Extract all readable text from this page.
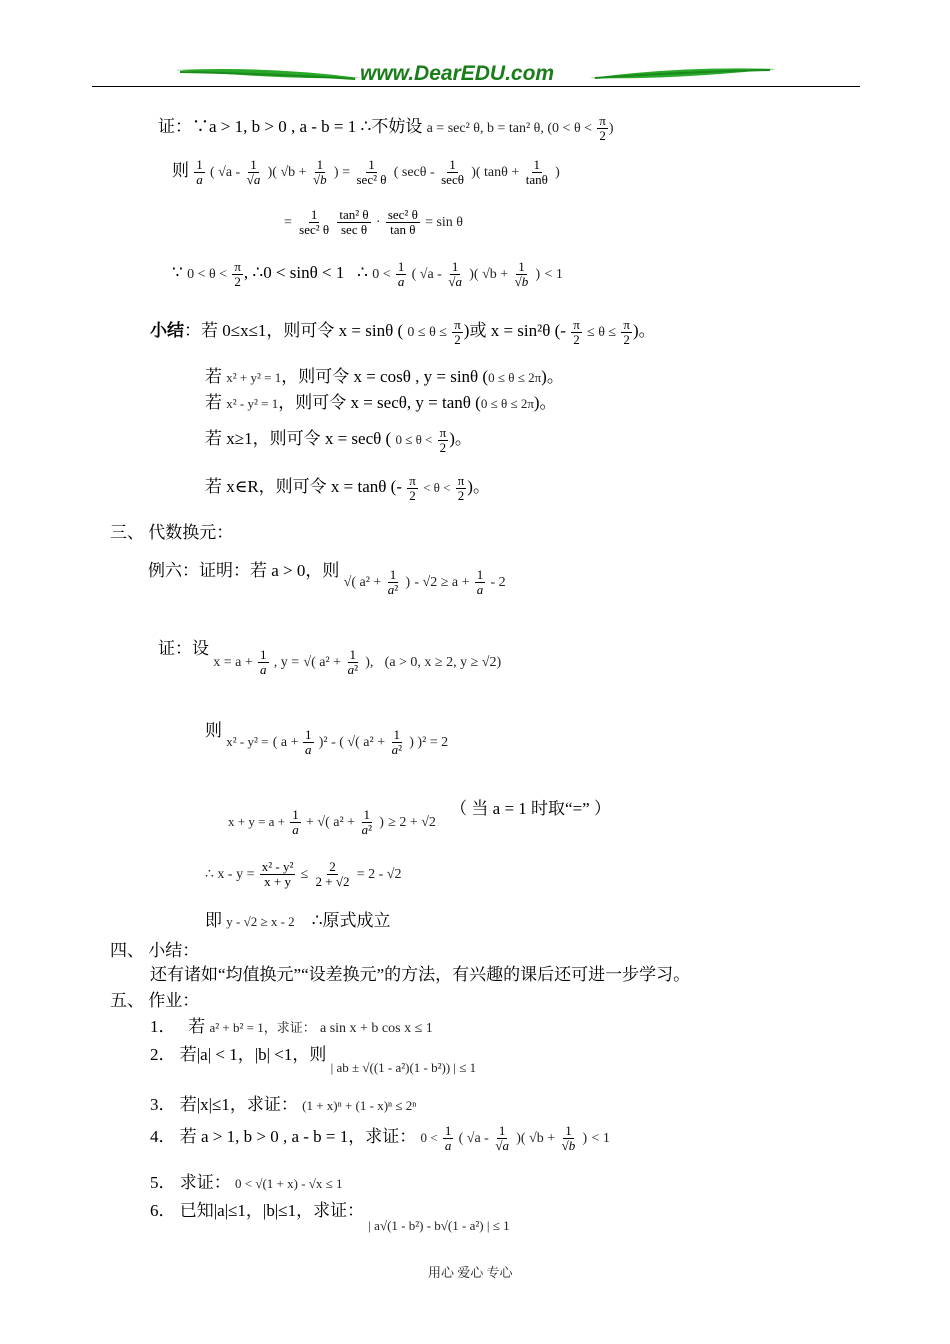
www.DearEDU.com
证：∵a > 1, b > 0 , a - b = 1 ∴不妨设 a = sec² θ, b = tan² θ, ($0 < \theta < \frac{\pi}{2}$ )
则 $\frac{1}{a}$ ( $√a - \frac{1}{√a}$ )( $√b + \frac{1}{√b}$ ) = $\frac{1}{\text{sec² θ}}$ ( secθ - $\frac{1}{\sec\theta}$ )( $\tan\theta + \frac{1}{\tan\theta}$ )
= $\frac{1}{\text{sec² θ}}$
$\frac{\text{tan² θ}}{\text{sec θ}} \cdot \frac{\text{sec² θ}}{\text{tan θ}} = \sin \theta$
∵ $0 < \theta < \frac{\pi}{2}$ , ∴0 < sinθ < 1 ∴ $0 < \frac{1}{a}$ ( $√a - \frac{1}{√a}$ )( $√b + \frac{1}{√b}$ ) < 1
小结：若 0≤x≤1，则可令 x = sinθ ( $0 \le \theta \le \frac{\pi}{2}$ )或 x = sin²θ (- $\frac{\pi}{2} \le \theta \le \frac{\pi}{2}$ )。
若 x² + y² = 1，则可令 x = cosθ , y = sinθ (0 ≤ θ ≤ 2π)。
若 x² - y² = 1，则可令 x = secθ, y = tanθ (0 ≤ θ ≤ 2π)。
若 x≥1，则可令 x = secθ ( $0 \le \theta < \frac{\pi}{2}$ )。
若 x∈R，则可令 x = tanθ (- $\frac{\pi}{2} < \theta < \frac{\pi}{2}$ )。
三、 代数换元：
例六：证明：若 a > 0，则 $_{√( a^2 +} \frac{1}{\text{a²}} _)$ $_{- √2 \ge a +} \frac{1}{a} _{- 2}$
证：设 $_{x = a +} \frac{1}{a} _{, y =}$ $_{√( a^2 +} \frac{1}{\text{a²}} _{),}$   $_{(a > 0, x \ge 2, y \ge √2)}$
则 $_{x^2 - y^2 =}$ $_{( a +} \frac{1}{a} _{)^2 - ( √( a^2 +} \frac{1}{\text{a²}} _{) )^2}$ $_{= 2}$
$_{x + y = a +} \frac{1}{a} _{+ √( a^2 +} \frac{1}{\text{a²}} _)$ $_{\ge 2 + √2}$ （ 当 a = 1 时取“=” ）
∴ $x - y = \frac{\text{x² - y²}}{x + y} \le \frac{2}{2 + √2} = 2 - √2$
即 y - √2 ≥ x - 2 ∴原式成立
四、 小结：
还有诸如“均值换元”“设差换元”的方法，有兴趣的课后还可进一步学习。
五、 作业：
1． 若 a² + b² = 1，求证： a sin x + b cos x ≤ 1
2． 若|a| < 1，|b| <1，则 $_{| ab \pm √((1 - a^2)(1 - b^2)) | \le 1}$
3． 若|x|≤1，求证： (1 + x)ⁿ + (1 - x)ⁿ ≤ 2ⁿ
4． 若 a > 1, b > 0 , a - b = 1，求证： $0 < \frac{1}{a}$ ( $√a - \frac{1}{√a}$ )( $√b + \frac{1}{√b}$ ) < 1
5． 求证： 0 < √(1 + x) - √x ≤ 1
6． 已知|a|≤1，|b|≤1，求证： $_{| a√(1 - b^2) - b√(1 - a^2) | \le 1}$
用心 爱心 专心
